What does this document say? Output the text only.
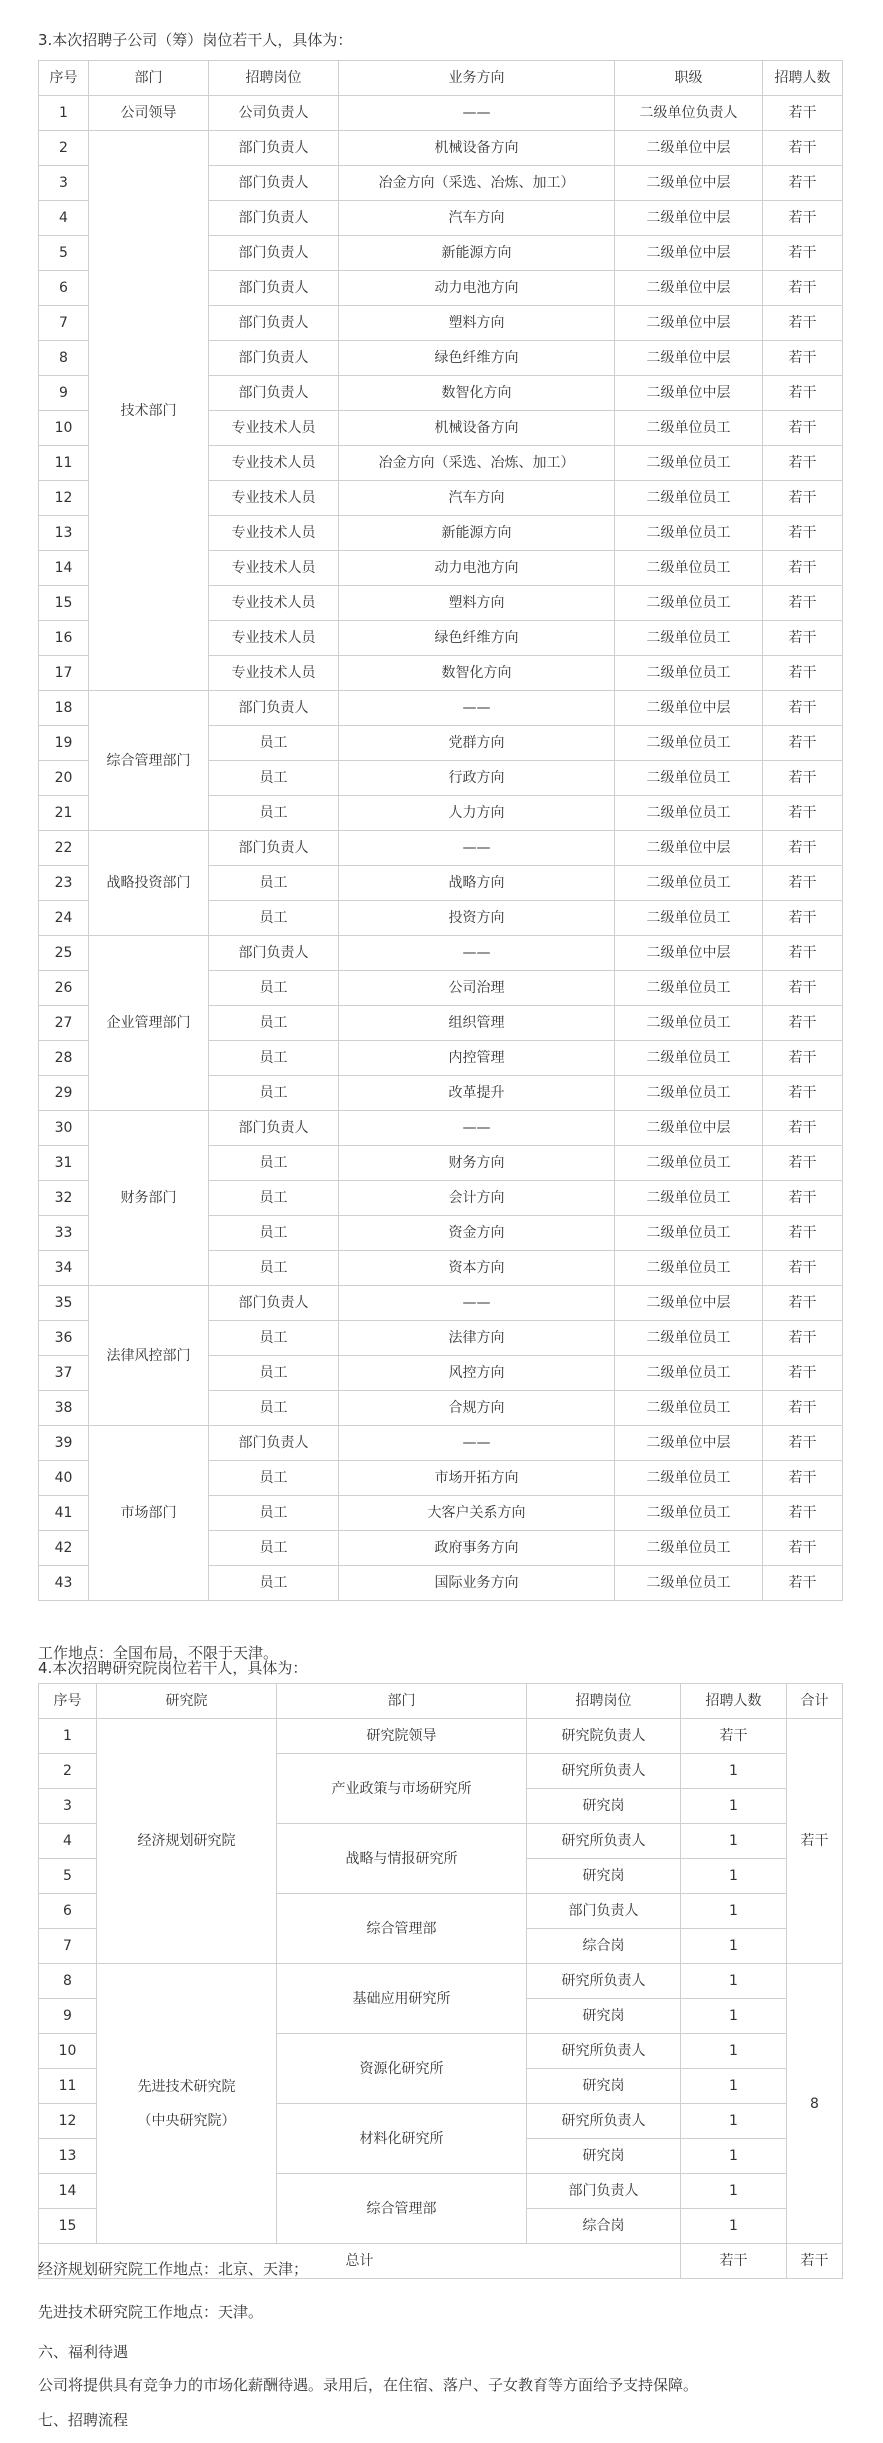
3.本次招聘子公司（筹）岗位若干人，具体为：
序号	部门	招聘岗位	业务方向	职级	招聘人数
1	公司领导	公司负责人	——	二级单位负责人	若干
2	技术部门	部门负责人	机械设备方向	二级单位中层	若干
3		部门负责人	冶金方向（采选、冶炼、加工）	二级单位中层	若干
4		部门负责人	汽车方向	二级单位中层	若干
5		部门负责人	新能源方向	二级单位中层	若干
6		部门负责人	动力电池方向	二级单位中层	若干
7		部门负责人	塑料方向	二级单位中层	若干
8		部门负责人	绿色纤维方向	二级单位中层	若干
9		部门负责人	数智化方向	二级单位中层	若干
10		专业技术人员	机械设备方向	二级单位员工	若干
11		专业技术人员	冶金方向（采选、冶炼、加工）	二级单位员工	若干
12		专业技术人员	汽车方向	二级单位员工	若干
13		专业技术人员	新能源方向	二级单位员工	若干
14		专业技术人员	动力电池方向	二级单位员工	若干
15		专业技术人员	塑料方向	二级单位员工	若干
16		专业技术人员	绿色纤维方向	二级单位员工	若干
17		专业技术人员	数智化方向	二级单位员工	若干
18	综合管理部门	部门负责人	——	二级单位中层	若干
19		员工	党群方向	二级单位员工	若干
20		员工	行政方向	二级单位员工	若干
21		员工	人力方向	二级单位员工	若干
22	战略投资部门	部门负责人	——	二级单位中层	若干
23		员工	战略方向	二级单位员工	若干
24		员工	投资方向	二级单位员工	若干
25	企业管理部门	部门负责人	——	二级单位中层	若干
26		员工	公司治理	二级单位员工	若干
27		员工	组织管理	二级单位员工	若干
28		员工	内控管理	二级单位员工	若干
29		员工	改革提升	二级单位员工	若干
30	财务部门	部门负责人	——	二级单位中层	若干
31		员工	财务方向	二级单位员工	若干
32		员工	会计方向	二级单位员工	若干
33		员工	资金方向	二级单位员工	若干
34		员工	资本方向	二级单位员工	若干
35	法律风控部门	部门负责人	——	二级单位中层	若干
36		员工	法律方向	二级单位员工	若干
37		员工	风控方向	二级单位员工	若干
38		员工	合规方向	二级单位员工	若干
39	市场部门	部门负责人	——	二级单位中层	若干
40		员工	市场开拓方向	二级单位员工	若干
41		员工	大客户关系方向	二级单位员工	若干
42		员工	政府事务方向	二级单位员工	若干
43		员工	国际业务方向	二级单位员工	若干
工作地点：全国布局，不限于天津。
4.本次招聘研究院岗位若干人，具体为：
序号	研究院	部门	招聘岗位	招聘人数	合计
1	经济规划研究院	研究院领导	研究院负责人	若干	若干
2		产业政策与市场研究所	研究所负责人	1	
3			研究岗	1	
4		战略与情报研究所	研究所负责人	1	
5			研究岗	1	
6		综合管理部	部门负责人	1	
7			综合岗	1	
8	先进技术研究院
（中央研究院）	基础应用研究所	研究所负责人	1	8
9			研究岗	1	
10		资源化研究所	研究所负责人	1	
11			研究岗	1	
12		材料化研究所	研究所负责人	1	
13			研究岗	1	
14		综合管理部	部门负责人	1	
15			综合岗	1	
总计				若干	若干
经济规划研究院工作地点：北京、天津；
先进技术研究院工作地点：天津。
六、福利待遇
公司将提供具有竞争力的市场化薪酬待遇。录用后，在住宿、落户、子女教育等方面给予支持保障。
七、招聘流程
